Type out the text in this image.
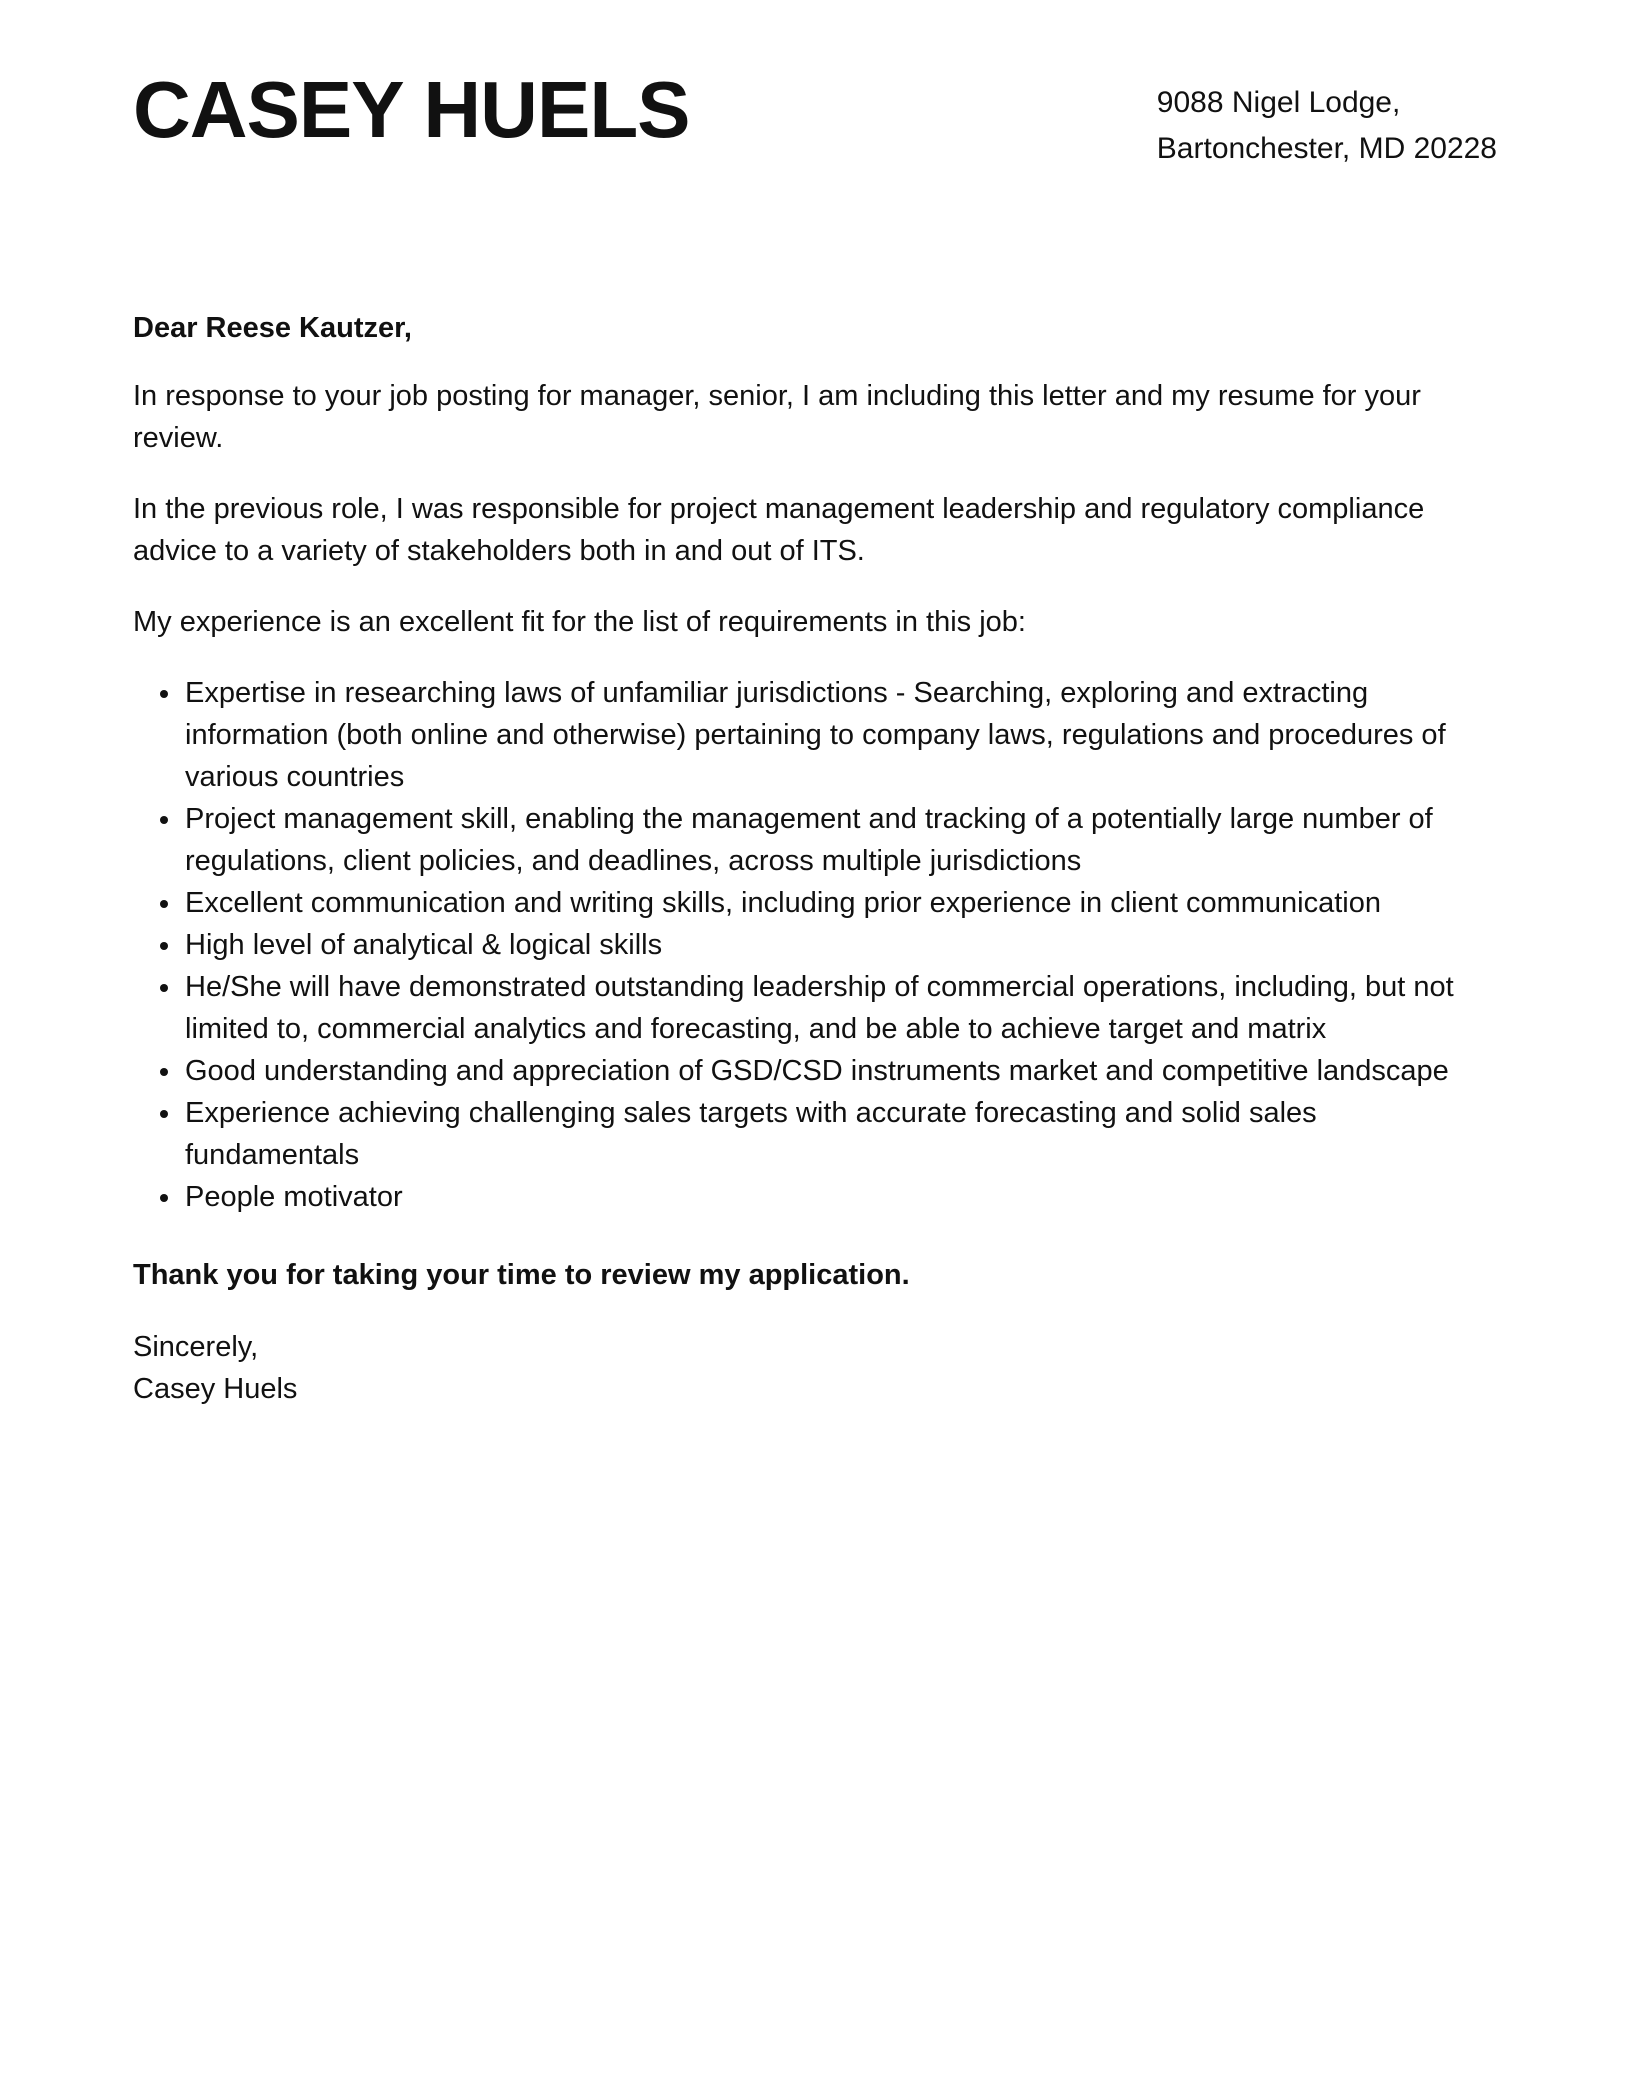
CASEY HUELS	9088 Nigel Lodge,
Bartonchester, MD 20228
Dear Reese Kautzer,

In response to your job posting for manager, senior, I am including this letter and my resume for your review.

In the previous role, I was responsible for project management leadership and regulatory compliance advice to a variety of stakeholders both in and out of ITS.

My experience is an excellent fit for the list of requirements in this job:

• Expertise in researching laws of unfamiliar jurisdictions - Searching, exploring and extracting information (both online and otherwise) pertaining to company laws, regulations and procedures of various countries
• Project management skill, enabling the management and tracking of a potentially large number of regulations, client policies, and deadlines, across multiple jurisdictions
• Excellent communication and writing skills, including prior experience in client communication
• High level of analytical & logical skills
• He/She will have demonstrated outstanding leadership of commercial operations, including, but not limited to, commercial analytics and forecasting, and be able to achieve target and matrix
• Good understanding and appreciation of GSD/CSD instruments market and competitive landscape
• Experience achieving challenging sales targets with accurate forecasting and solid sales fundamentals
• People motivator
Thank you for taking your time to review my application.
Sincerely,
Casey Huels
